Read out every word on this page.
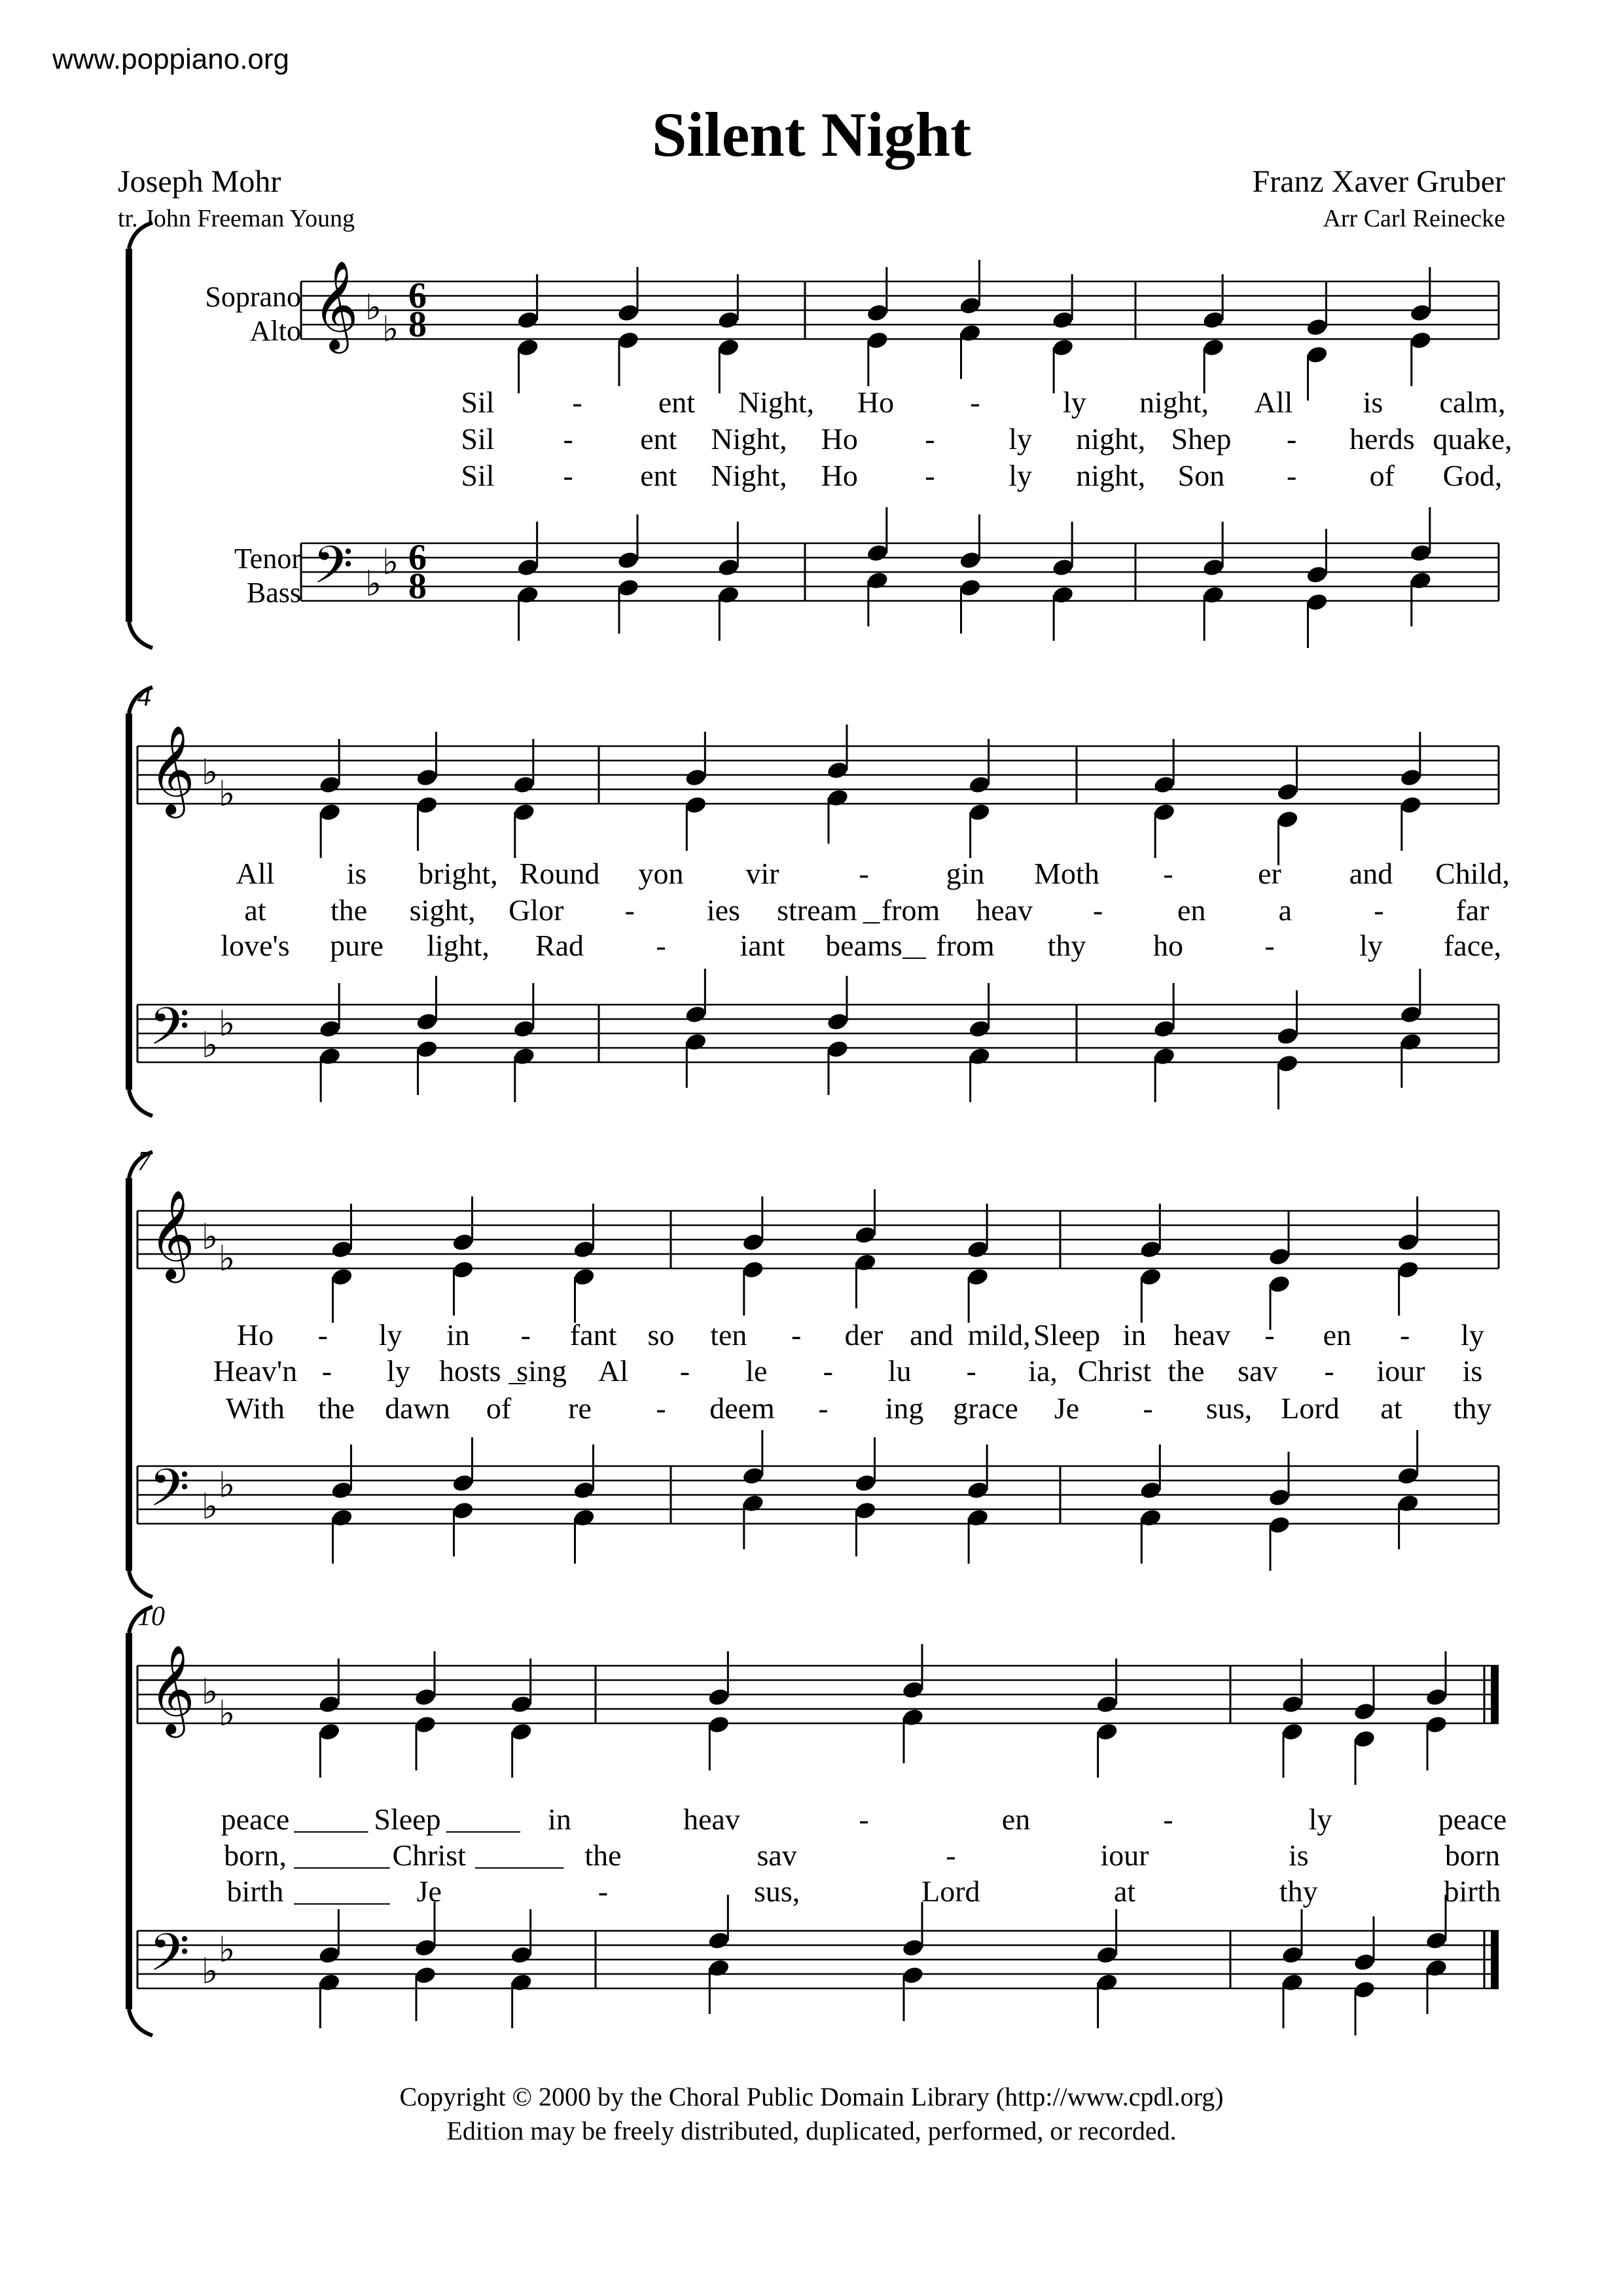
www.poppiano.org
Silent Night
Joseph Mohr
tr. John Freeman Young
Franz Xaver Gruber
Arr Carl Reinecke
𝄞 ♭
♭
6
8
𝄢 ♭
♭ 6
8
Soprano
Alto
Tenor
Bass
Sil	-	ent Night, Ho	-	ly night, All is calm,
Sil - ent Night, Ho - ly night, Shep - herds quake,
Sil - ent Night, Ho - ly night, Son - of God,
4
𝄞 ♭
♭
𝄢 ♭
♭
All is bright, Round yon vir	-	gin Moth -	er and Child,
at the sight, Glor - ies stream from heav - en a	- far
love's pure light, Rad - iant beams from thy ho	-	ly face,
7
𝄞 ♭
♭
𝄢 ♭
♭
Ho - ly in - fant so ten - der and mild, Sleep in heav - en - ly
Heav'n - ly hosts sing Al - le - lu - ia, Christ the sav - iour is
With the dawn of re - deem - ing grace Je - sus, Lord at thy
10
𝄞 ♭
♭
𝄢 ♭
♭
peace	Sleep	in	heav	-	en	-	ly	peace
born,	Christ	the	sav	-	iour	is	born
birth	Je	-	sus,	Lord	at	thy	birth
Copyright © 2000 by the Choral Public Domain Library (http://www.cpdl.org)
Edition may be freely distributed, duplicated, performed, or recorded.
